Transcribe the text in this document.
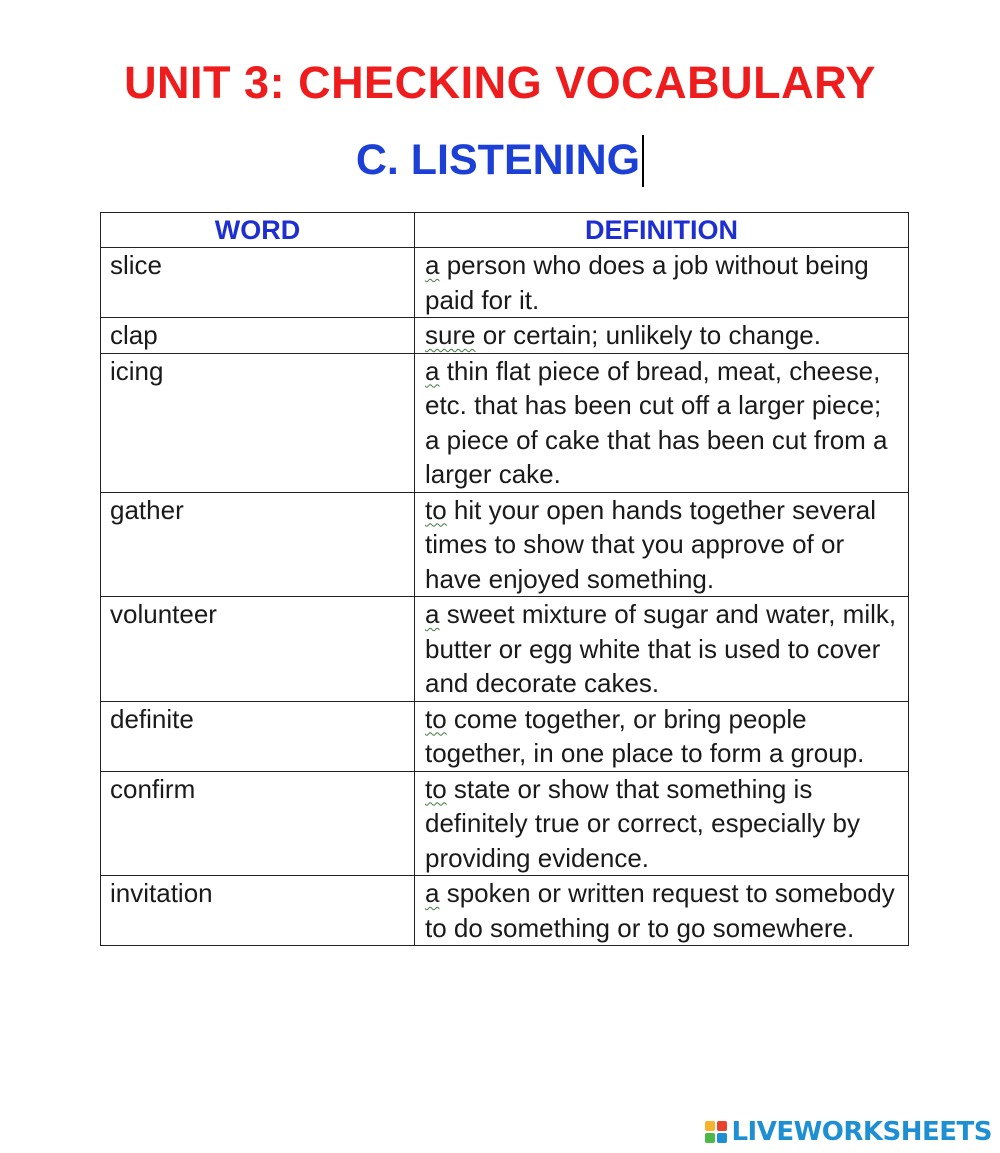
UNIT 3: CHECKING VOCABULARY
C. LISTENING
WORD	DEFINITION
slice	a person who does a job without being paid for it.
clap	sure or certain; unlikely to change.
icing	a thin flat piece of bread, meat, cheese, etc. that has been cut off a larger piece; a piece of cake that has been cut from a larger cake.
gather	to hit your open hands together several times to show that you approve of or have enjoyed something.
volunteer	a sweet mixture of sugar and water, milk, butter or egg white that is used to cover and decorate cakes.
definite	to come together, or bring people together, in one place to form a group.
confirm	to state or show that something is definitely true or correct, especially by providing evidence.
invitation	a spoken or written request to somebody to do something or to go somewhere.
LIVEWORKSHEETS
